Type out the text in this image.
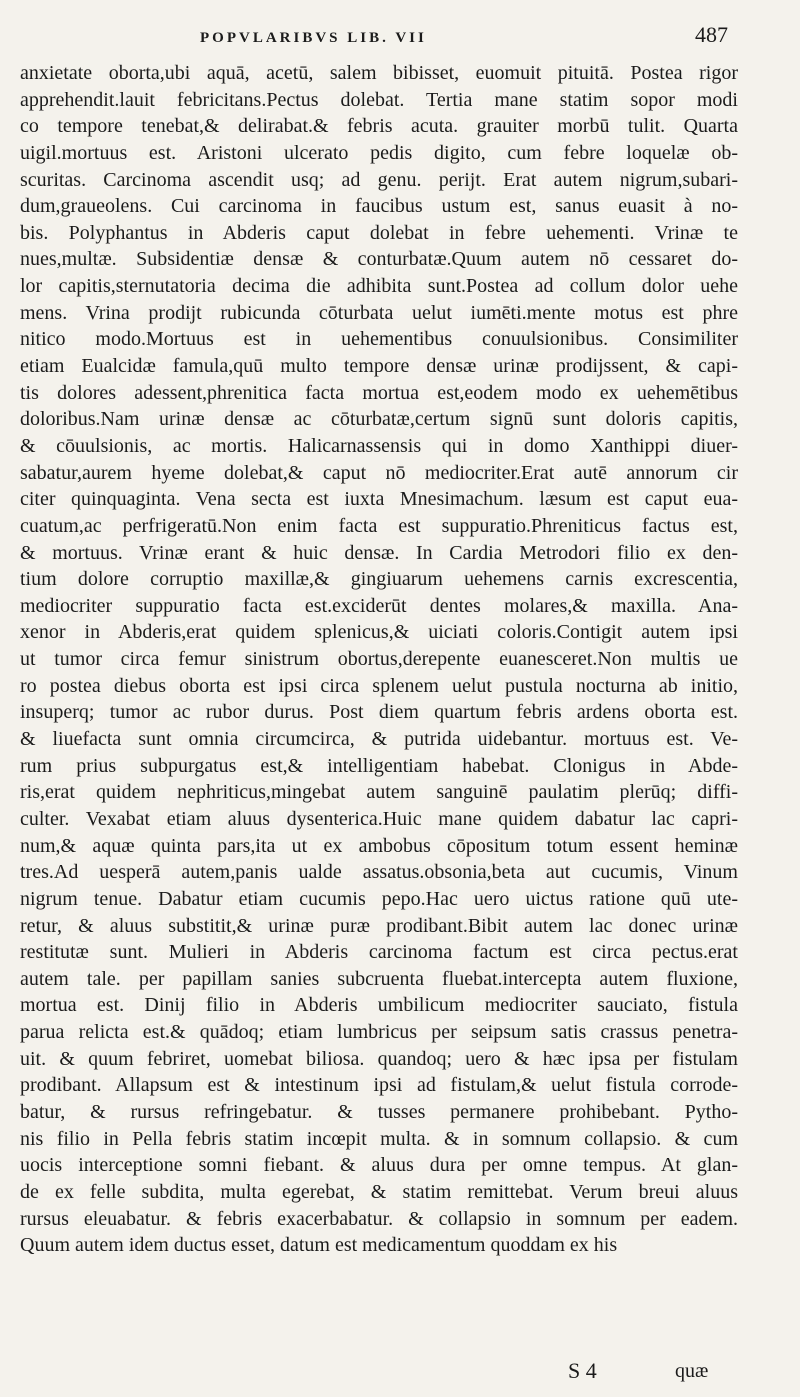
POPVLARIBVS LIB. VII	487
anxietate oborta,ubi aquā, acetū, salem bibisset, euomuit pituitā. Postea rigor
apprehendit.lauit febricitans.Pectus dolebat. Tertia mane statim sopor modi
co tempore tenebat,& delirabat.& febris acuta. grauiter morbū tulit. Quarta
uigil.mortuus est. Aristoni ulcerato pedis digito, cum febre loquelæ ob-
scuritas. Carcinoma ascendit usq; ad genu. perijt. Erat autem nigrum,subari-
dum,graueolens. Cui carcinoma in faucibus ustum est, sanus euasit à no-
bis. Polyphantus in Abderis caput dolebat in febre uehementi. Vrinæ te
nues,multæ. Subsidentiæ densæ & conturbatæ.Quum autem nō cessaret do-
lor capitis,sternutatoria decima die adhibita sunt.Postea ad collum dolor uehe
mens. Vrina prodijt rubicunda cōturbata uelut iumēti.mente motus est phre
nitico modo.Mortuus est in uehementibus conuulsionibus. Consimiliter
etiam Eualcidæ famula,quū multo tempore densæ urinæ prodijssent, & capi-
tis dolores adessent,phrenitica facta mortua est,eodem modo ex uehemētibus
doloribus.Nam urinæ densæ ac cōturbatæ,certum signū sunt doloris capitis,
& cōuulsionis, ac mortis. Halicarnassensis qui in domo Xanthippi diuer-
sabatur,aurem hyeme dolebat,& caput nō mediocriter.Erat autē annorum cir
citer quinquaginta. Vena secta est iuxta Mnesimachum. læsum est caput eua-
cuatum,ac perfrigeratū.Non enim facta est suppuratio.Phreniticus factus est,
& mortuus. Vrinæ erant & huic densæ. In Cardia Metrodori filio ex den-
tium dolore corruptio maxillæ,& gingiuarum uehemens carnis excrescentia,
mediocriter suppuratio facta est.exciderūt dentes molares,& maxilla. Ana-
xenor in Abderis,erat quidem splenicus,& uiciati coloris.Contigit autem ipsi
ut tumor circa femur sinistrum obortus,derepente euanesceret.Non multis ue
ro postea diebus oborta est ipsi circa splenem uelut pustula nocturna ab initio,
insuperq; tumor ac rubor durus. Post diem quartum febris ardens oborta est.
& liuefacta sunt omnia circumcirca, & putrida uidebantur. mortuus est. Ve-
rum prius subpurgatus est,& intelligentiam habebat. Clonigus in Abde-
ris,erat quidem nephriticus,mingebat autem sanguinē paulatim plerūq; diffi-
culter. Vexabat etiam aluus dysenterica.Huic mane quidem dabatur lac capri-
num,& aquæ quinta pars,ita ut ex ambobus cōpositum totum essent heminæ
tres.Ad uesperā autem,panis ualde assatus.obsonia,beta aut cucumis, Vinum
nigrum tenue. Dabatur etiam cucumis pepo.Hac uero uictus ratione quū ute-
retur, & aluus substitit,& urinæ puræ prodibant.Bibit autem lac donec urinæ
restitutæ sunt. Mulieri in Abderis carcinoma factum est circa pectus.erat
autem tale. per papillam sanies subcruenta fluebat.intercepta autem fluxione,
mortua est. Dinij filio in Abderis umbilicum mediocriter sauciato, fistula
parua relicta est.& quādoq; etiam lumbricus per seipsum satis crassus penetra-
uit. & quum febriret, uomebat biliosa. quandoq; uero & hæc ipsa per fistulam
prodibant. Allapsum est & intestinum ipsi ad fistulam,& uelut fistula corrode-
batur, & rursus refringebatur. & tusses permanere prohibebant. Pytho-
nis filio in Pella febris statim incœpit multa. & in somnum collapsio. & cum
uocis interceptione somni fiebant. & aluus dura per omne tempus. At glan-
de ex felle subdita, multa egerebat, & statim remittebat. Verum breui aluus
rursus eleuabatur. & febris exacerbabatur. & collapsio in somnum per eadem.
Quum autem idem ductus esset, datum est medicamentum quoddam ex his
S 4	quæ
